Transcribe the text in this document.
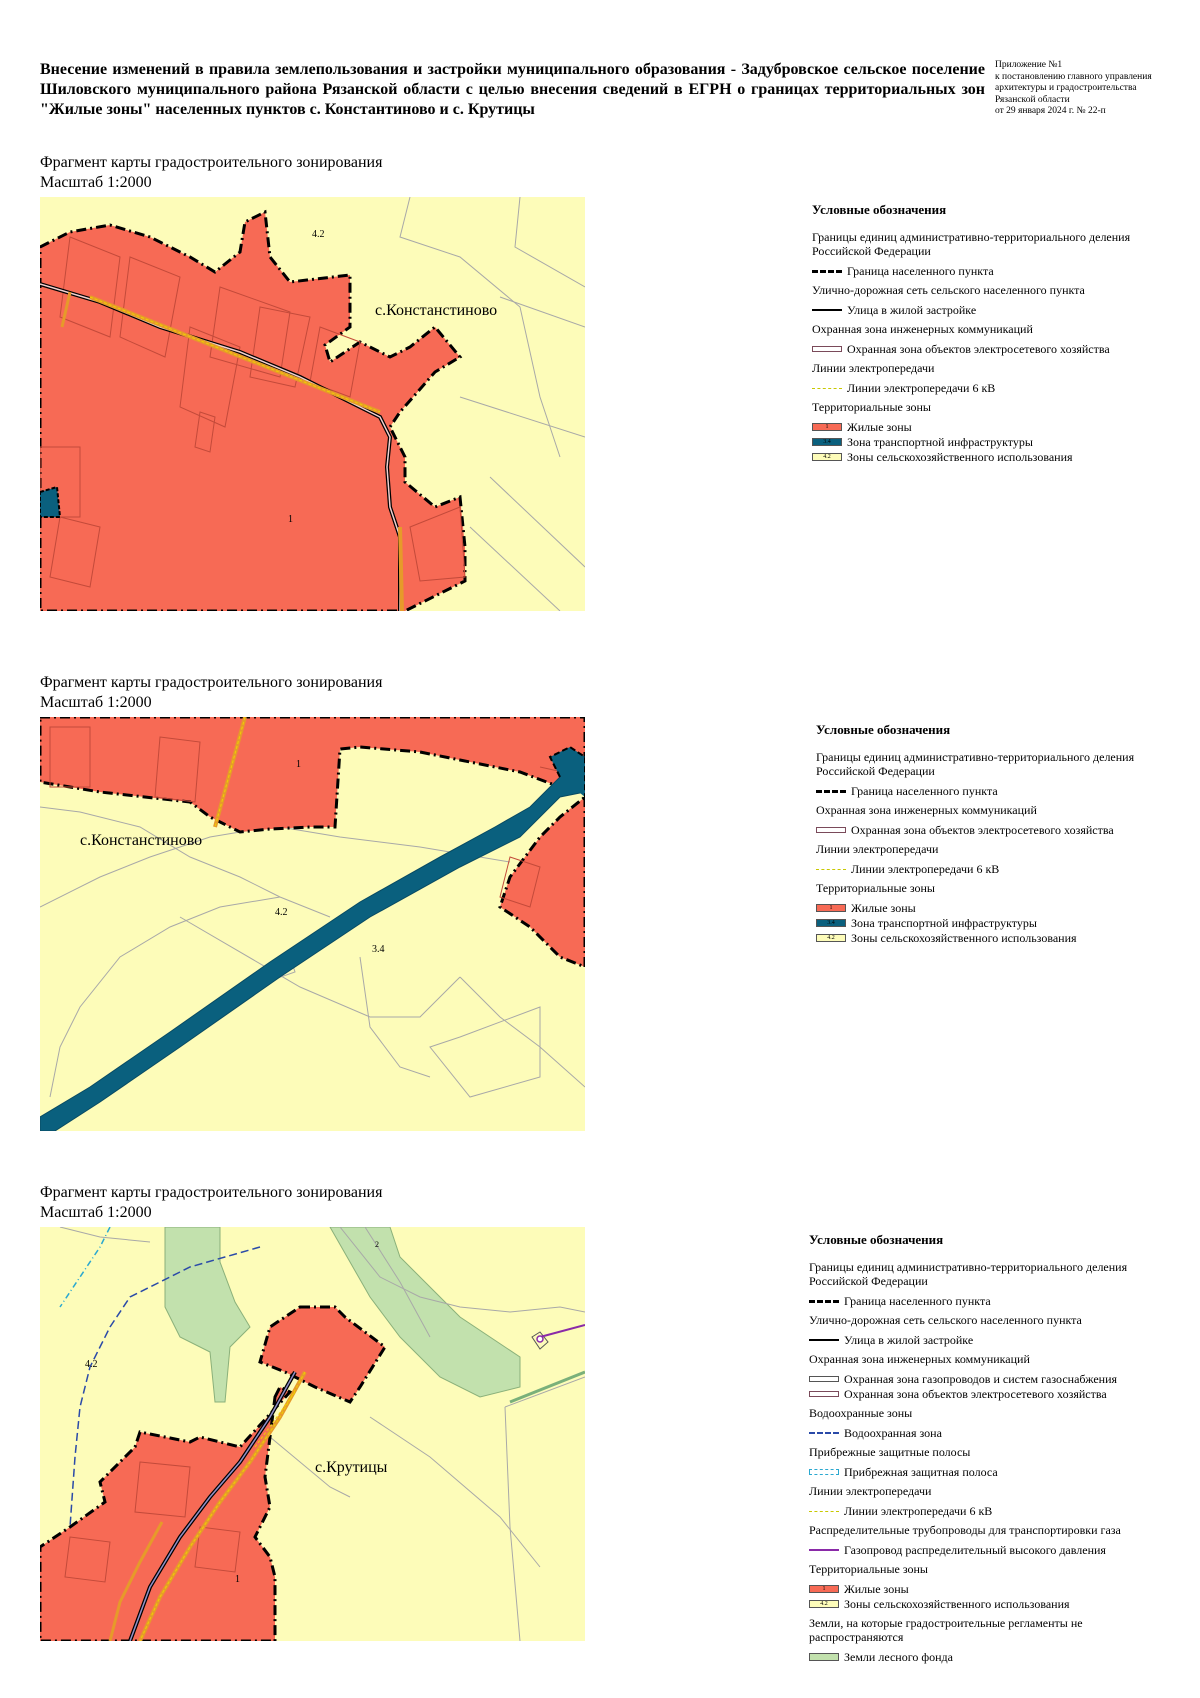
Внесение изменений в правила землепользования и застройки муниципального образования - Задубровское сельское поселение Шиловского муниципального района Рязанской области с целью внесения сведений в ЕГРН о границах территориальных зон "Жилые зоны" населенных пунктов с. Константиново и с. Крутицы
Приложение №1
к постановлению главного управления
архитектуры и градостроительства
Рязанской области
от 29 января 2024 г. № 22-п
Фрагмент карты градостроительного зонирования
Масштаб 1:2000
4.2
с.Констанстиново
1
Условные обозначения
Границы единиц административно-территориального деления Российской Федерации
Граница населенного пункта
Улично-дорожная сеть сельского населенного пункта
Улица в жилой застройке
Охранная зона инженерных коммуникаций
Охранная зона объектов электросетевого хозяйства
Линии электропередачи
Линии электропередачи 6 кВ
Территориальные зоны
1	Жилые зоны
3.4	Зона транспортной инфраструктуры
4.2	Зоны сельскохозяйственного использования
Фрагмент карты градостроительного зонирования
Масштаб 1:2000
1
с.Констанстиново
4.2
3.4
Условные обозначения
Границы единиц административно-территориального деления Российской Федерации
Граница населенного пункта
Охранная зона инженерных коммуникаций
Охранная зона объектов электросетевого хозяйства
Линии электропередачи
Линии электропередачи 6 кВ
Территориальные зоны
1	Жилые зоны
3.4	Зона транспортной инфраструктуры
4.2	Зоны сельскохозяйственного использования
Фрагмент карты градостроительного зонирования
Масштаб 1:2000
4.2
с.Крутицы
1
2	Условные обозначения
Границы единиц административно-территориального деления Российской Федерации
Граница населенного пункта
Улично-дорожная сеть сельского населенного пункта
Улица в жилой застройке
Охранная зона инженерных коммуникаций
Охранная зона газопроводов и систем газоснабжения
Охранная зона объектов электросетевого хозяйства
Водоохранные зоны
Водоохранная зона
Прибрежные защитные полосы
Прибрежная защитная полоса
Линии электропередачи
Линии электропередачи 6 кВ
Распределительные трубопроводы для транспортировки газа
Газопровод распределительный высокого давления
Территориальные зоны
1	Жилые зоны
4.2	Зоны сельскохозяйственного использования
Земли, на которые градостроительные регламенты не распространяются
Земли лесного фонда
